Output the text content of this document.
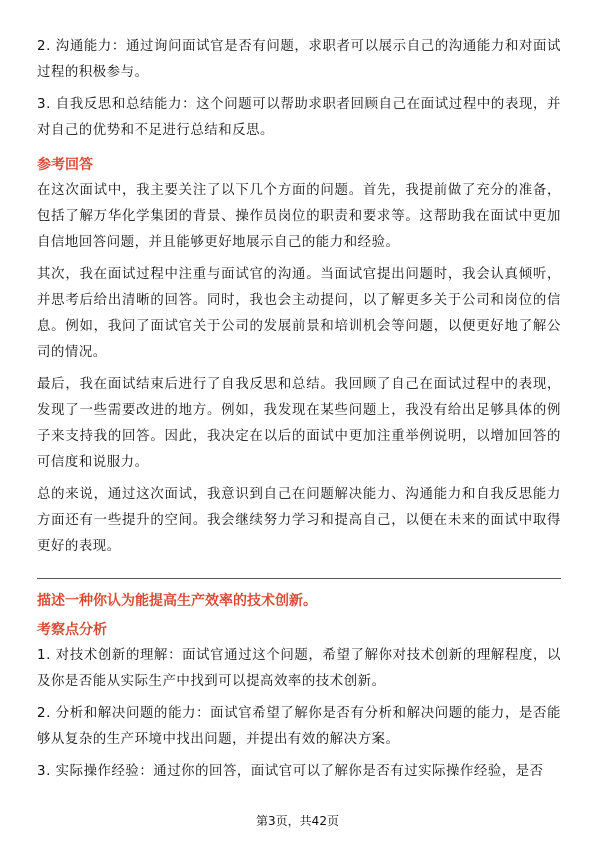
2. 沟通能力：通过询问面试官是否有问题，求职者可以展示自己的沟通能力和对面试过程的积极参与。

3. 自我反思和总结能力：这个问题可以帮助求职者回顾自己在面试过程中的表现，并对自己的优势和不足进行总结和反思。

参考回答

在这次面试中，我主要关注了以下几个方面的问题。首先，我提前做了充分的准备，包括了解万华化学集团的背景、操作员岗位的职责和要求等。这帮助我在面试中更加自信地回答问题，并且能够更好地展示自己的能力和经验。

其次，我在面试过程中注重与面试官的沟通。当面试官提出问题时，我会认真倾听，并思考后给出清晰的回答。同时，我也会主动提问，以了解更多关于公司和岗位的信息。例如，我问了面试官关于公司的发展前景和培训机会等问题，以便更好地了解公司的情况。

最后，我在面试结束后进行了自我反思和总结。我回顾了自己在面试过程中的表现，发现了一些需要改进的地方。例如，我发现在某些问题上，我没有给出足够具体的例子来支持我的回答。因此，我决定在以后的面试中更加注重举例说明，以增加回答的可信度和说服力。

总的来说，通过这次面试，我意识到自己在问题解决能力、沟通能力和自我反思能力方面还有一些提升的空间。我会继续努力学习和提高自己，以便在未来的面试中取得更好的表现。

描述一种你认为能提高生产效率的技术创新。
考察点分析

1. 对技术创新的理解：面试官通过这个问题，希望了解你对技术创新的理解程度，以及你是否能从实际生产中找到可以提高效率的技术创新。

2. 分析和解决问题的能力：面试官希望了解你是否有分析和解决问题的能力，是否能够从复杂的生产环境中找出问题，并提出有效的解决方案。

3. 实际操作经验：通过你的回答，面试官可以了解你是否有过实际操作经验，是否

第3页，共42页
